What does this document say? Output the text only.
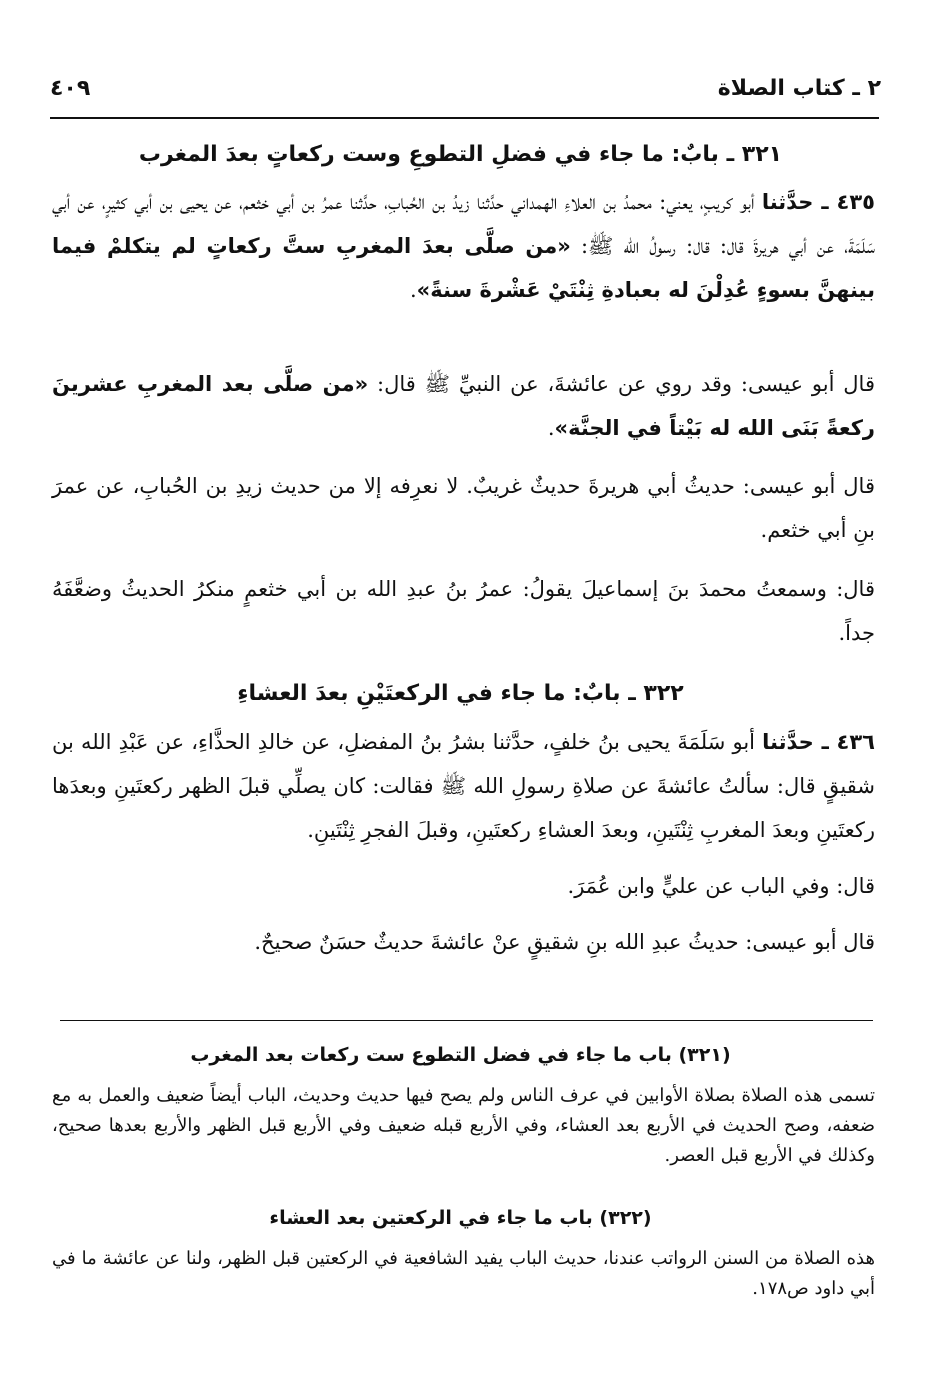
٤٠٩	٢ ـ كتاب الصلاة
٣٢١ ـ بابٌ: ما جاء في فضلِ التطوعِ وست ركعاتٍ بعدَ المغرب
٤٣٥ ـ حدَّثنا أبو كريبٍ، يعني: محمدُ بن العلاءِ الهمداني حدَّثنا زيدُ بن الحُبابِ، حدَّثنا عمرُ بن أبي خثعم، عن يحيى بن أبي كثيرٍ، عن أبي سَلَمَةَ، عن أبي هريرةَ قال: قال: رسولُ الله ﷺ: «من صلَّى بعدَ المغربِ ستَّ ركعاتٍ لم يتكلمْ فيما بينهنَّ بسوءٍ عُدِلْنَ له بعبادةِ ثِنْتَيْ عَشْرةَ سنةً».
قال أبو عيسى: وقد روي عن عائشةَ، عن النبيِّ ﷺ قال: «من صلَّى بعد المغربِ عشرينَ ركعةً بَنَى الله له بَيْتاً في الجنَّة».
قال أبو عيسى: حديثُ أبي هريرةَ حديثٌ غريبٌ. لا نعرِفه إلا من حديث زيدِ بن الحُبابِ، عن عمرَ بنِ أبي خثعم.
قال: وسمعتُ محمدَ بنَ إسماعيلَ يقولُ: عمرُ بنُ عبدِ الله بن أبي خثعمٍ منكرُ الحديثُ وضعَّفَهُ جداً.
٣٢٢ ـ بابٌ: ما جاء في الركعتَيْنِ بعدَ العشاءِ
٤٣٦ ـ حدَّثنا أبو سَلَمَةَ يحيى بنُ خلفٍ، حدَّثنا بشرُ بنُ المفضلِ، عن خالدِ الحذَّاءِ، عن عَبْدِ الله بن شقيقٍ قال: سألتُ عائشةَ عن صلاةِ رسولِ الله ﷺ فقالت: كان يصلِّي قبلَ الظهر ركعتَينِ وبعدَها ركعتَينِ وبعدَ المغربِ ثِنْتَينِ، وبعدَ العشاءِ ركعتَينِ، وقبلَ الفجرِ ثِنْتَينِ.
قال: وفي الباب عن عليٍّ وابن عُمَرَ.
قال أبو عيسى: حديثُ عبدِ الله بنِ شقيقٍ عنْ عائشةَ حديثٌ حسَنٌ صحيحٌ.
(٣٢١) باب ما جاء في فضل التطوع ست ركعات بعد المغرب
تسمى هذه الصلاة بصلاة الأوابين في عرف الناس ولم يصح فيها حديث وحديث، الباب أيضاً ضعيف والعمل به مع ضعفه، وصح الحديث في الأربع بعد العشاء، وفي الأربع قبله ضعيف وفي الأربع قبل الظهر والأربع بعدها صحيح، وكذلك في الأربع قبل العصر.
(٣٢٢) باب ما جاء في الركعتين بعد العشاء
هذه الصلاة من السنن الرواتب عندنا، حديث الباب يفيد الشافعية في الركعتين قبل الظهر، ولنا عن عائشة ما في أبي داود ص١٧٨.
